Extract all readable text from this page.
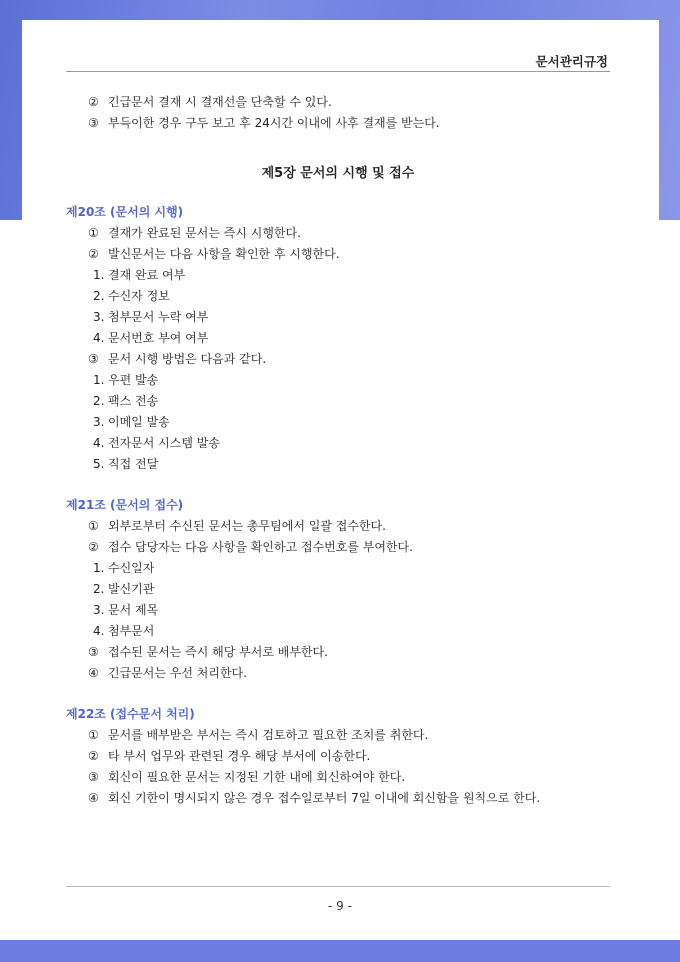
문서관리규정
② 긴급문서 결재 시 결재선을 단축할 수 있다.
③ 부득이한 경우 구두 보고 후 24시간 이내에 사후 결재를 받는다.
제5장 문서의 시행 및 접수
제20조 (문서의 시행)
① 결재가 완료된 문서는 즉시 시행한다.
② 발신문서는 다음 사항을 확인한 후 시행한다.
1. 결재 완료 여부
2. 수신자 정보
3. 첨부문서 누락 여부
4. 문서번호 부여 여부
③ 문서 시행 방법은 다음과 같다.
1. 우편 발송
2. 팩스 전송
3. 이메일 발송
4. 전자문서 시스템 발송
5. 직접 전달
제21조 (문서의 접수)
① 외부로부터 수신된 문서는 총무팀에서 일괄 접수한다.
② 접수 담당자는 다음 사항을 확인하고 접수번호를 부여한다.
1. 수신일자
2. 발신기관
3. 문서 제목
4. 첨부문서
③ 접수된 문서는 즉시 해당 부서로 배부한다.
④ 긴급문서는 우선 처리한다.
제22조 (접수문서 처리)
① 문서를 배부받은 부서는 즉시 검토하고 필요한 조치를 취한다.
② 타 부서 업무와 관련된 경우 해당 부서에 이송한다.
③ 회신이 필요한 문서는 지정된 기한 내에 회신하여야 한다.
④ 회신 기한이 명시되지 않은 경우 접수일로부터 7일 이내에 회신함을 원칙으로 한다.
- 9 -
